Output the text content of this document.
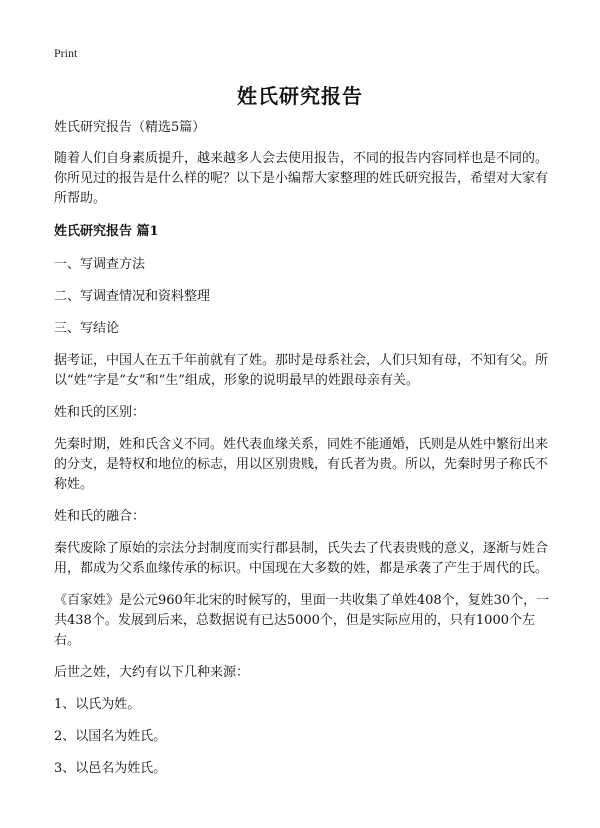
Print
姓氏研究报告

姓氏研究报告（精选5篇）

随着人们自身素质提升，越来越多人会去使用报告，不同的报告内容同样也是不同的。你所见过的报告是什么样的呢？以下是小编帮大家整理的姓氏研究报告，希望对大家有所帮助。

姓氏研究报告 篇1

一、写调查方法

二、写调查情况和资料整理

三、写结论

据考证，中国人在五千年前就有了姓。那时是母系社会，人们只知有母，不知有父。所以“姓”字是“女”和“生”组成，形象的说明最早的姓跟母亲有关。

姓和氏的区别：

先秦时期，姓和氏含义不同。姓代表血缘关系，同姓不能通婚，氏则是从姓中繁衍出来的分支，是特权和地位的标志，用以区别贵贱，有氏者为贵。所以，先秦时男子称氏不称姓。

姓和氏的融合：

秦代废除了原始的宗法分封制度而实行郡县制，氏失去了代表贵贱的意义，逐渐与姓合用，都成为父系血缘传承的标识。中国现在大多数的姓，都是承袭了产生于周代的氏。

《百家姓》是公元960年北宋的时候写的，里面一共收集了单姓408个，复姓30个，一共438个。发展到后来，总数据说有已达5000个，但是实际应用的，只有1000个左右。

后世之姓，大约有以下几种来源：

1、以氏为姓。

2、以国名为姓氏。

3、以邑名为姓氏。
